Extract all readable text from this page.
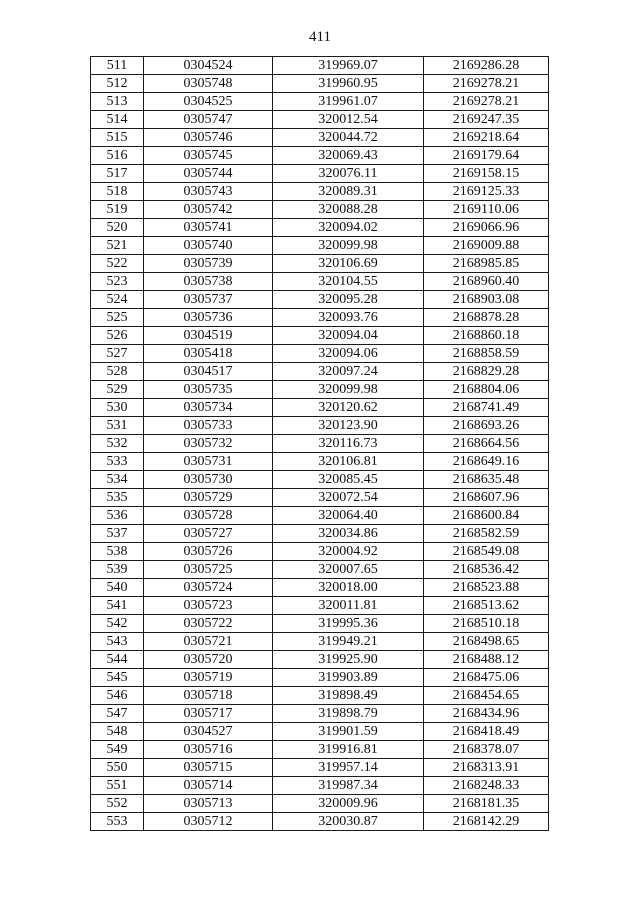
411
511	0304524	319969.07	2169286.28
512	0305748	319960.95	2169278.21
513	0304525	319961.07	2169278.21
514	0305747	320012.54	2169247.35
515	0305746	320044.72	2169218.64
516	0305745	320069.43	2169179.64
517	0305744	320076.11	2169158.15
518	0305743	320089.31	2169125.33
519	0305742	320088.28	2169110.06
520	0305741	320094.02	2169066.96
521	0305740	320099.98	2169009.88
522	0305739	320106.69	2168985.85
523	0305738	320104.55	2168960.40
524	0305737	320095.28	2168903.08
525	0305736	320093.76	2168878.28
526	0304519	320094.04	2168860.18
527	0305418	320094.06	2168858.59
528	0304517	320097.24	2168829.28
529	0305735	320099.98	2168804.06
530	0305734	320120.62	2168741.49
531	0305733	320123.90	2168693.26
532	0305732	320116.73	2168664.56
533	0305731	320106.81	2168649.16
534	0305730	320085.45	2168635.48
535	0305729	320072.54	2168607.96
536	0305728	320064.40	2168600.84
537	0305727	320034.86	2168582.59
538	0305726	320004.92	2168549.08
539	0305725	320007.65	2168536.42
540	0305724	320018.00	2168523.88
541	0305723	320011.81	2168513.62
542	0305722	319995.36	2168510.18
543	0305721	319949.21	2168498.65
544	0305720	319925.90	2168488.12
545	0305719	319903.89	2168475.06
546	0305718	319898.49	2168454.65
547	0305717	319898.79	2168434.96
548	0304527	319901.59	2168418.49
549	0305716	319916.81	2168378.07
550	0305715	319957.14	2168313.91
551	0305714	319987.34	2168248.33
552	0305713	320009.96	2168181.35
553	0305712	320030.87	2168142.29
